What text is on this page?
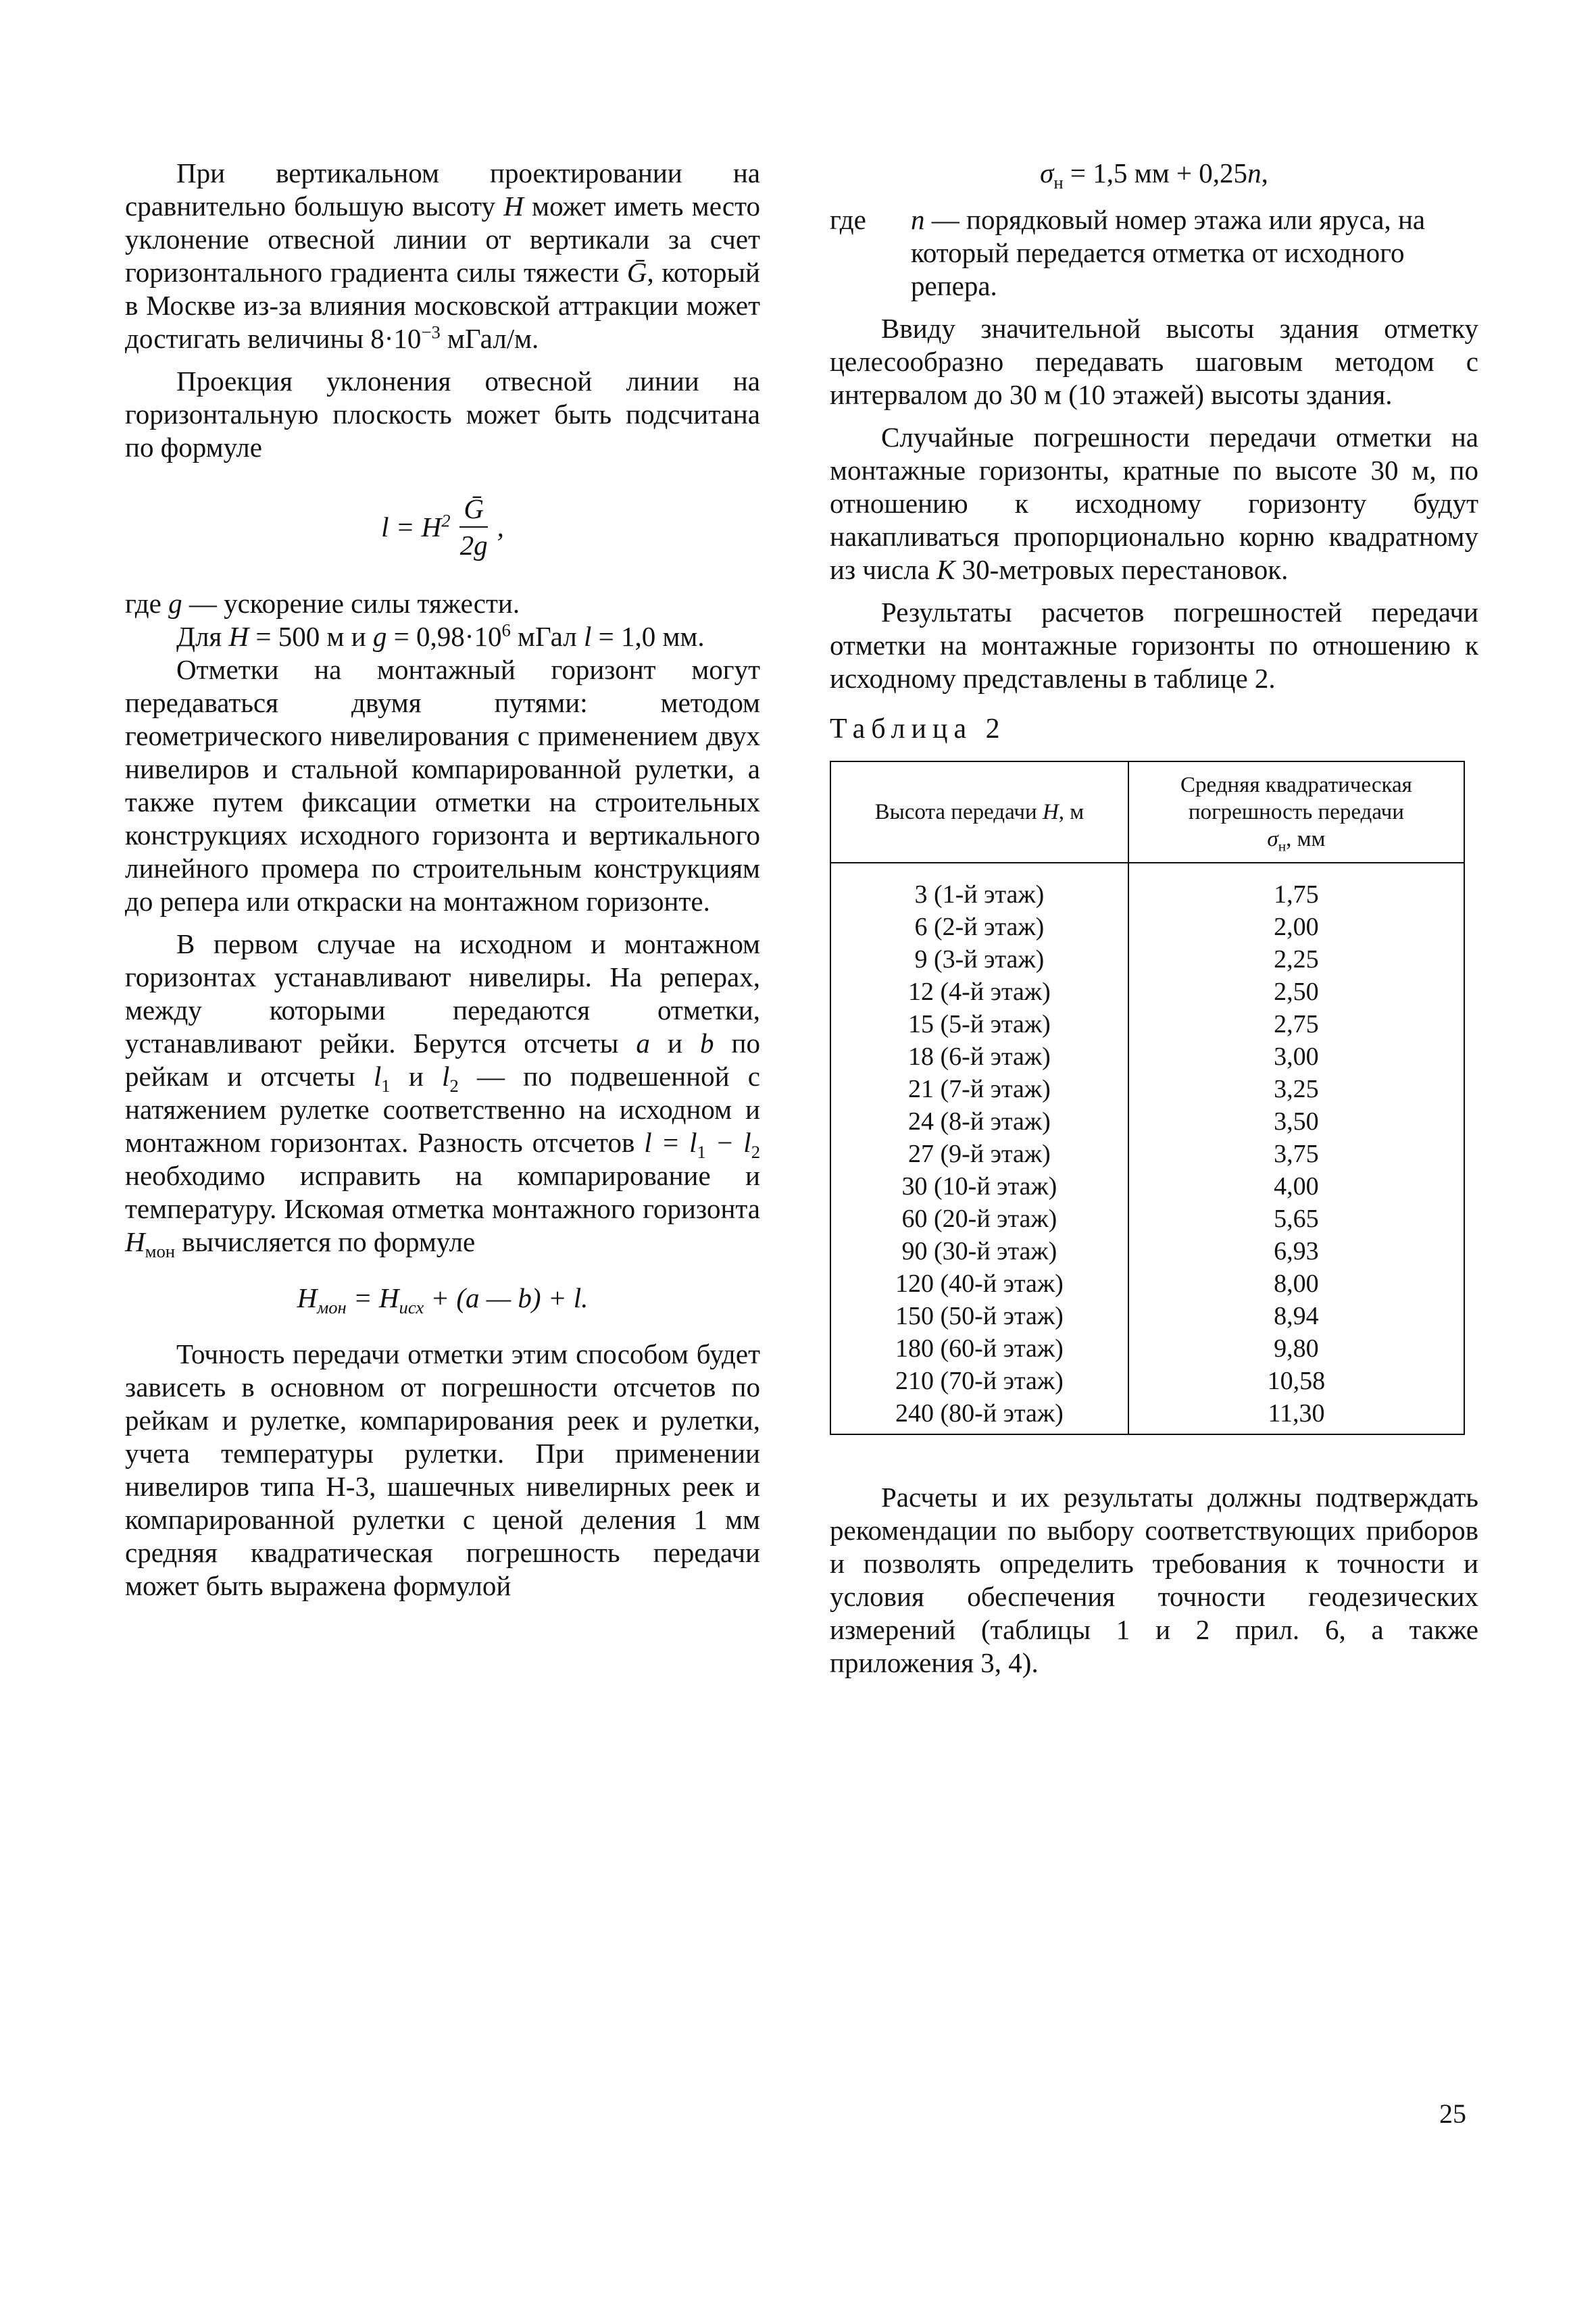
При вертикальном проектировании на сравнительно большую высоту H может иметь место уклонение отвесной линии от вертикали за счет горизонтального градиента силы тяжести Ḡ, который в Москве из-за влияния московской аттракции может достигать величины $8\cdot 10^{-3}$ мГал/м.

Проекция уклонения отвесной линии на горизонтальную плоскость может быть подсчитана по формуле

$l = H^2 \frac{\text{Ḡ}}{2g}$ ,

где g — ускорение силы тяжести.

Для H = 500 м и $g = 0,98\cdot 10^6$ мГал l = 1,0 мм.

Отметки на монтажный горизонт могут передаваться двумя путями: методом геометрического нивелирования с применением двух нивелиров и стальной компарированной рулетки, а также путем фиксации отметки на строительных конструкциях исходного горизонта и вертикального линейного промера по строительным конструкциям до репера или откраски на монтажном горизонте.

В первом случае на исходном и монтажном горизонтах устанавливают нивелиры. На реперах, между которыми передаются отметки, устанавливают рейки. Берутся отсчеты a и b по рейкам и отсчеты $l_1$ и $l_2$ — по подвешенной с натяжением рулетке соответственно на исходном и монтажном горизонтах. Разность отсчетов $l = l_1 - l_2$ необходимо исправить на компарирование и температуру. Искомая отметка монтажного горизонта $H_{мон}$ вычисляется по формуле

$H_{мон} = H_{исх} + (a$ — b) + l.

Точность передачи отметки этим способом будет зависеть в основном от погрешности отсчетов по рейкам и рулетке, компарирования реек и рулетки, учета температуры рулетки. При применении нивелиров типа Н-3, шашечных нивелирных реек и компарированной рулетки с ценой деления 1 мм средняя квадратическая погрешность передачи может быть выражена формулой

$\sigma_н = 1,5$ мм + 0,25n,
где	n — порядковый номер этажа или яруса, на который передается отметка от исходного репера.

Ввиду значительной высоты здания отметку целесообразно передавать шаговым методом с интервалом до 30 м (10 этажей) высоты здания.

Случайные погрешности передачи отметки на монтажные горизонты, кратные по высоте 30 м, по отношению к исходному горизонту будут накапливаться пропорционально корню квадратному из числа K 30-метровых перестановок.

Результаты расчетов погрешностей передачи отметки на монтажные горизонты по отношению к исходному представлены в таблице 2.

Таблица 2
Высота передачи H, м	Средняя квадратическая погрешность передачи
$\sigma_н$, мм
3 (1-й этаж)	1,75
6 (2-й этаж)	2,00
9 (3-й этаж)	2,25
12 (4-й этаж)	2,50
15 (5-й этаж)	2,75
18 (6-й этаж)	3,00
21 (7-й этаж)	3,25
24 (8-й этаж)	3,50
27 (9-й этаж)	3,75
30 (10-й этаж)	4,00
60 (20-й этаж)	5,65
90 (30-й этаж)	6,93
120 (40-й этаж)	8,00
150 (50-й этаж)	8,94
180 (60-й этаж)	9,80
210 (70-й этаж)	10,58
240 (80-й этаж)	11,30

Расчеты и их результаты должны подтверждать рекомендации по выбору соответствующих приборов и позволять определить требования к точности и условия обеспечения точности геодезических измерений (таблицы 1 и 2 прил. 6, а также приложения 3, 4).

25
